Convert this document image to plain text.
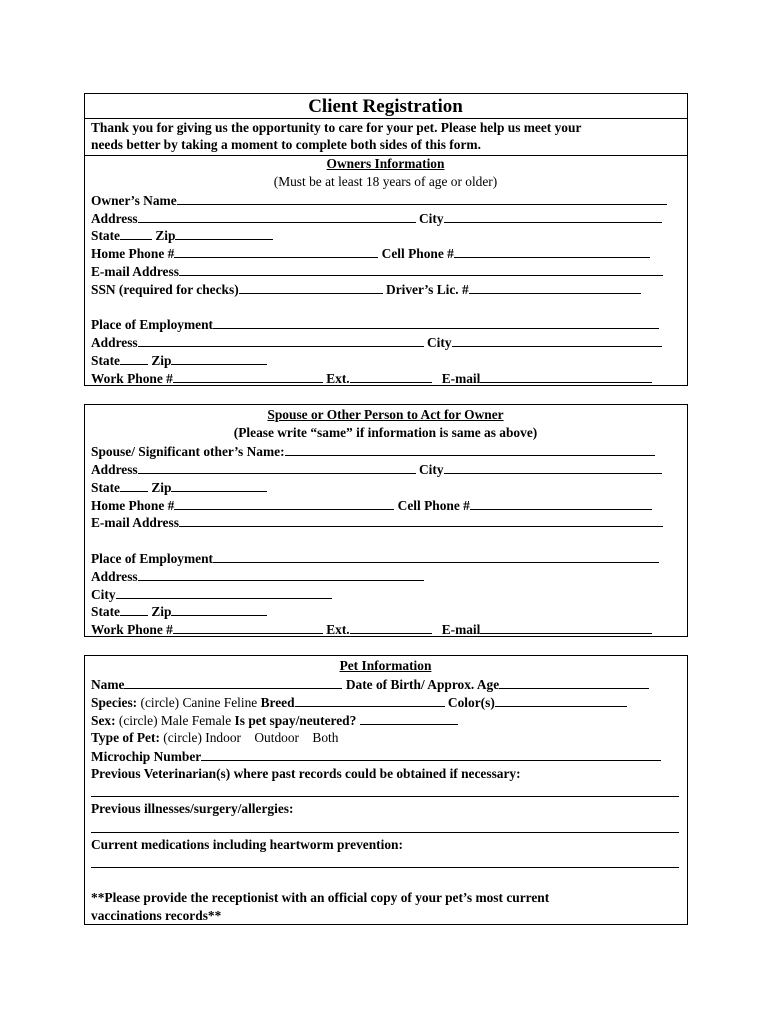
Client Registration
Thank you for giving us the opportunity to care for your pet. Please help us meet your
needs better by taking a moment to complete both sides of this form.
Owners Information
(Must be at least 18 years of age or older)
Owner’s Name
Address	City
State	Zip
Home Phone #	Cell Phone #
E-mail Address
SSN (required for checks)	Driver’s Lic. #
Place of Employment
Address	City
State Zip
Work Phone #	Ext.	E-mail
Spouse or Other Person to Act for Owner
(Please write “same” if information is same as above)
Spouse/ Significant other’s Name:
Address	City
State Zip
Home Phone #	Cell Phone #
E-mail Address
Place of Employment
Address
City
State Zip
Work Phone #	Ext.	E-mail
Pet Information
Name	Date of Birth/ Approx. Age
Species: (circle) Canine Feline Breed	Color(s)
Sex: (circle) Male Female Is pet spay/neutered?
Type of Pet: (circle) Indoor    Outdoor    Both
Microchip Number
Previous Veterinarian(s) where past records could be obtained if necessary:
Previous illnesses/surgery/allergies:
Current medications including heartworm prevention:
**Please provide the receptionist with an official copy of your pet’s most current
vaccinations records**
